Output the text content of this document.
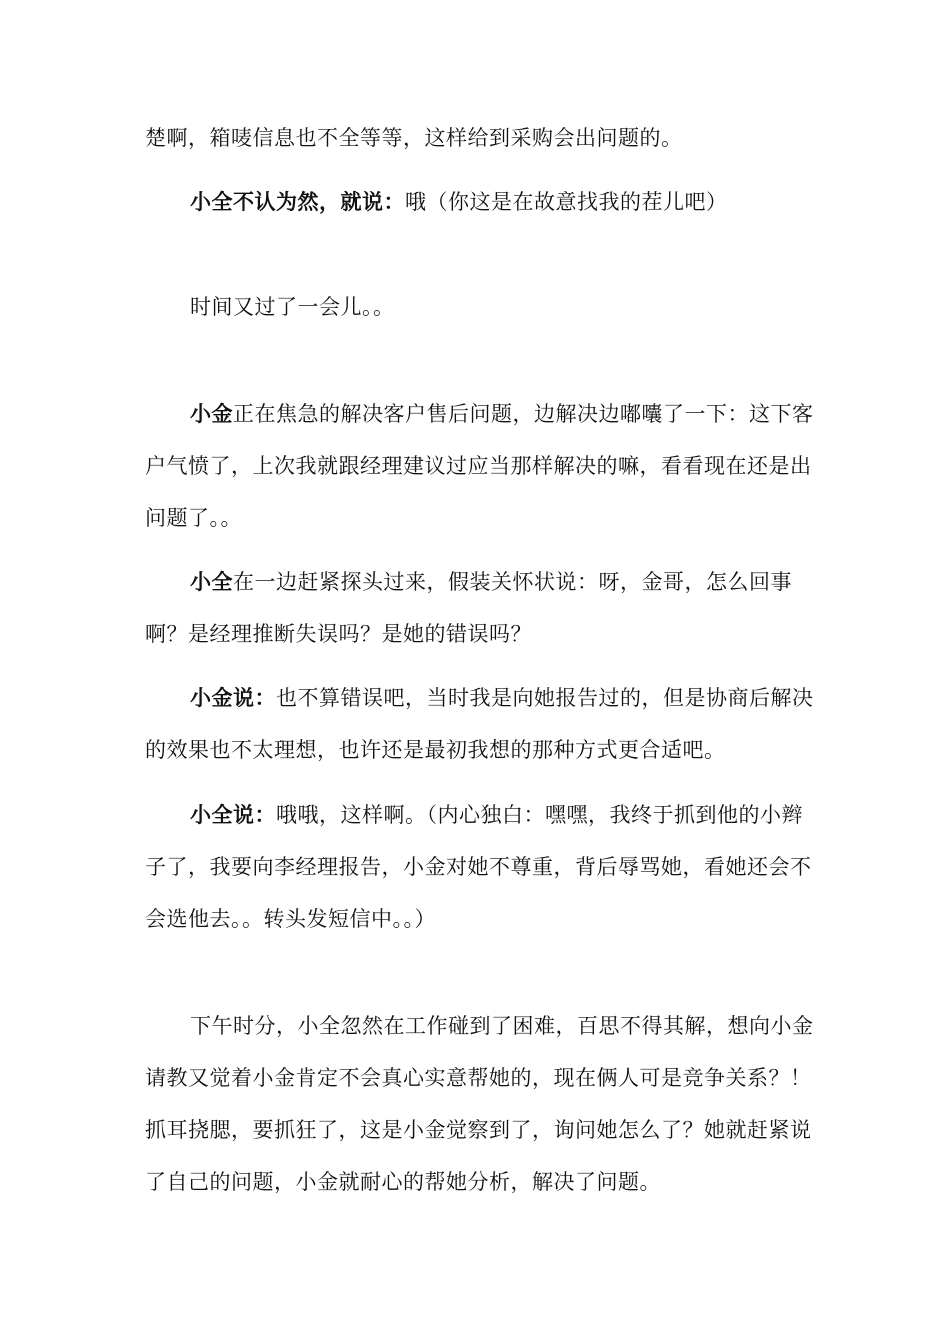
楚啊，箱唛信息也不全等等，这样给到采购会出问题的。

小全不认为然，就说：哦（你这是在故意找我的茬儿吧）

时间又过了一会儿。。

小金正在焦急的解决客户售后问题，边解决边嘟囔了一下：这下客户气愤了，上次我就跟经理建议过应当那样解决的嘛，看看现在还是出问题了。。

小全在一边赶紧探头过来，假装关怀状说：呀，金哥，怎么回事啊？是经理推断失误吗？是她的错误吗？

小金说：也不算错误吧，当时我是向她报告过的，但是协商后解决的效果也不太理想，也许还是最初我想的那种方式更合适吧。

小全说：哦哦，这样啊。（内心独白：嘿嘿，我终于抓到他的小辫子了，我要向李经理报告，小金对她不尊重，背后辱骂她，看她还会不会选他去。。转头发短信中。。）

下午时分，小全忽然在工作碰到了困难，百思不得其解，想向小金请教又觉着小金肯定不会真心实意帮她的，现在俩人可是竞争关系？！抓耳挠腮，要抓狂了，这是小金觉察到了，询问她怎么了？她就赶紧说了自己的问题，小金就耐心的帮她分析，解决了问题。
